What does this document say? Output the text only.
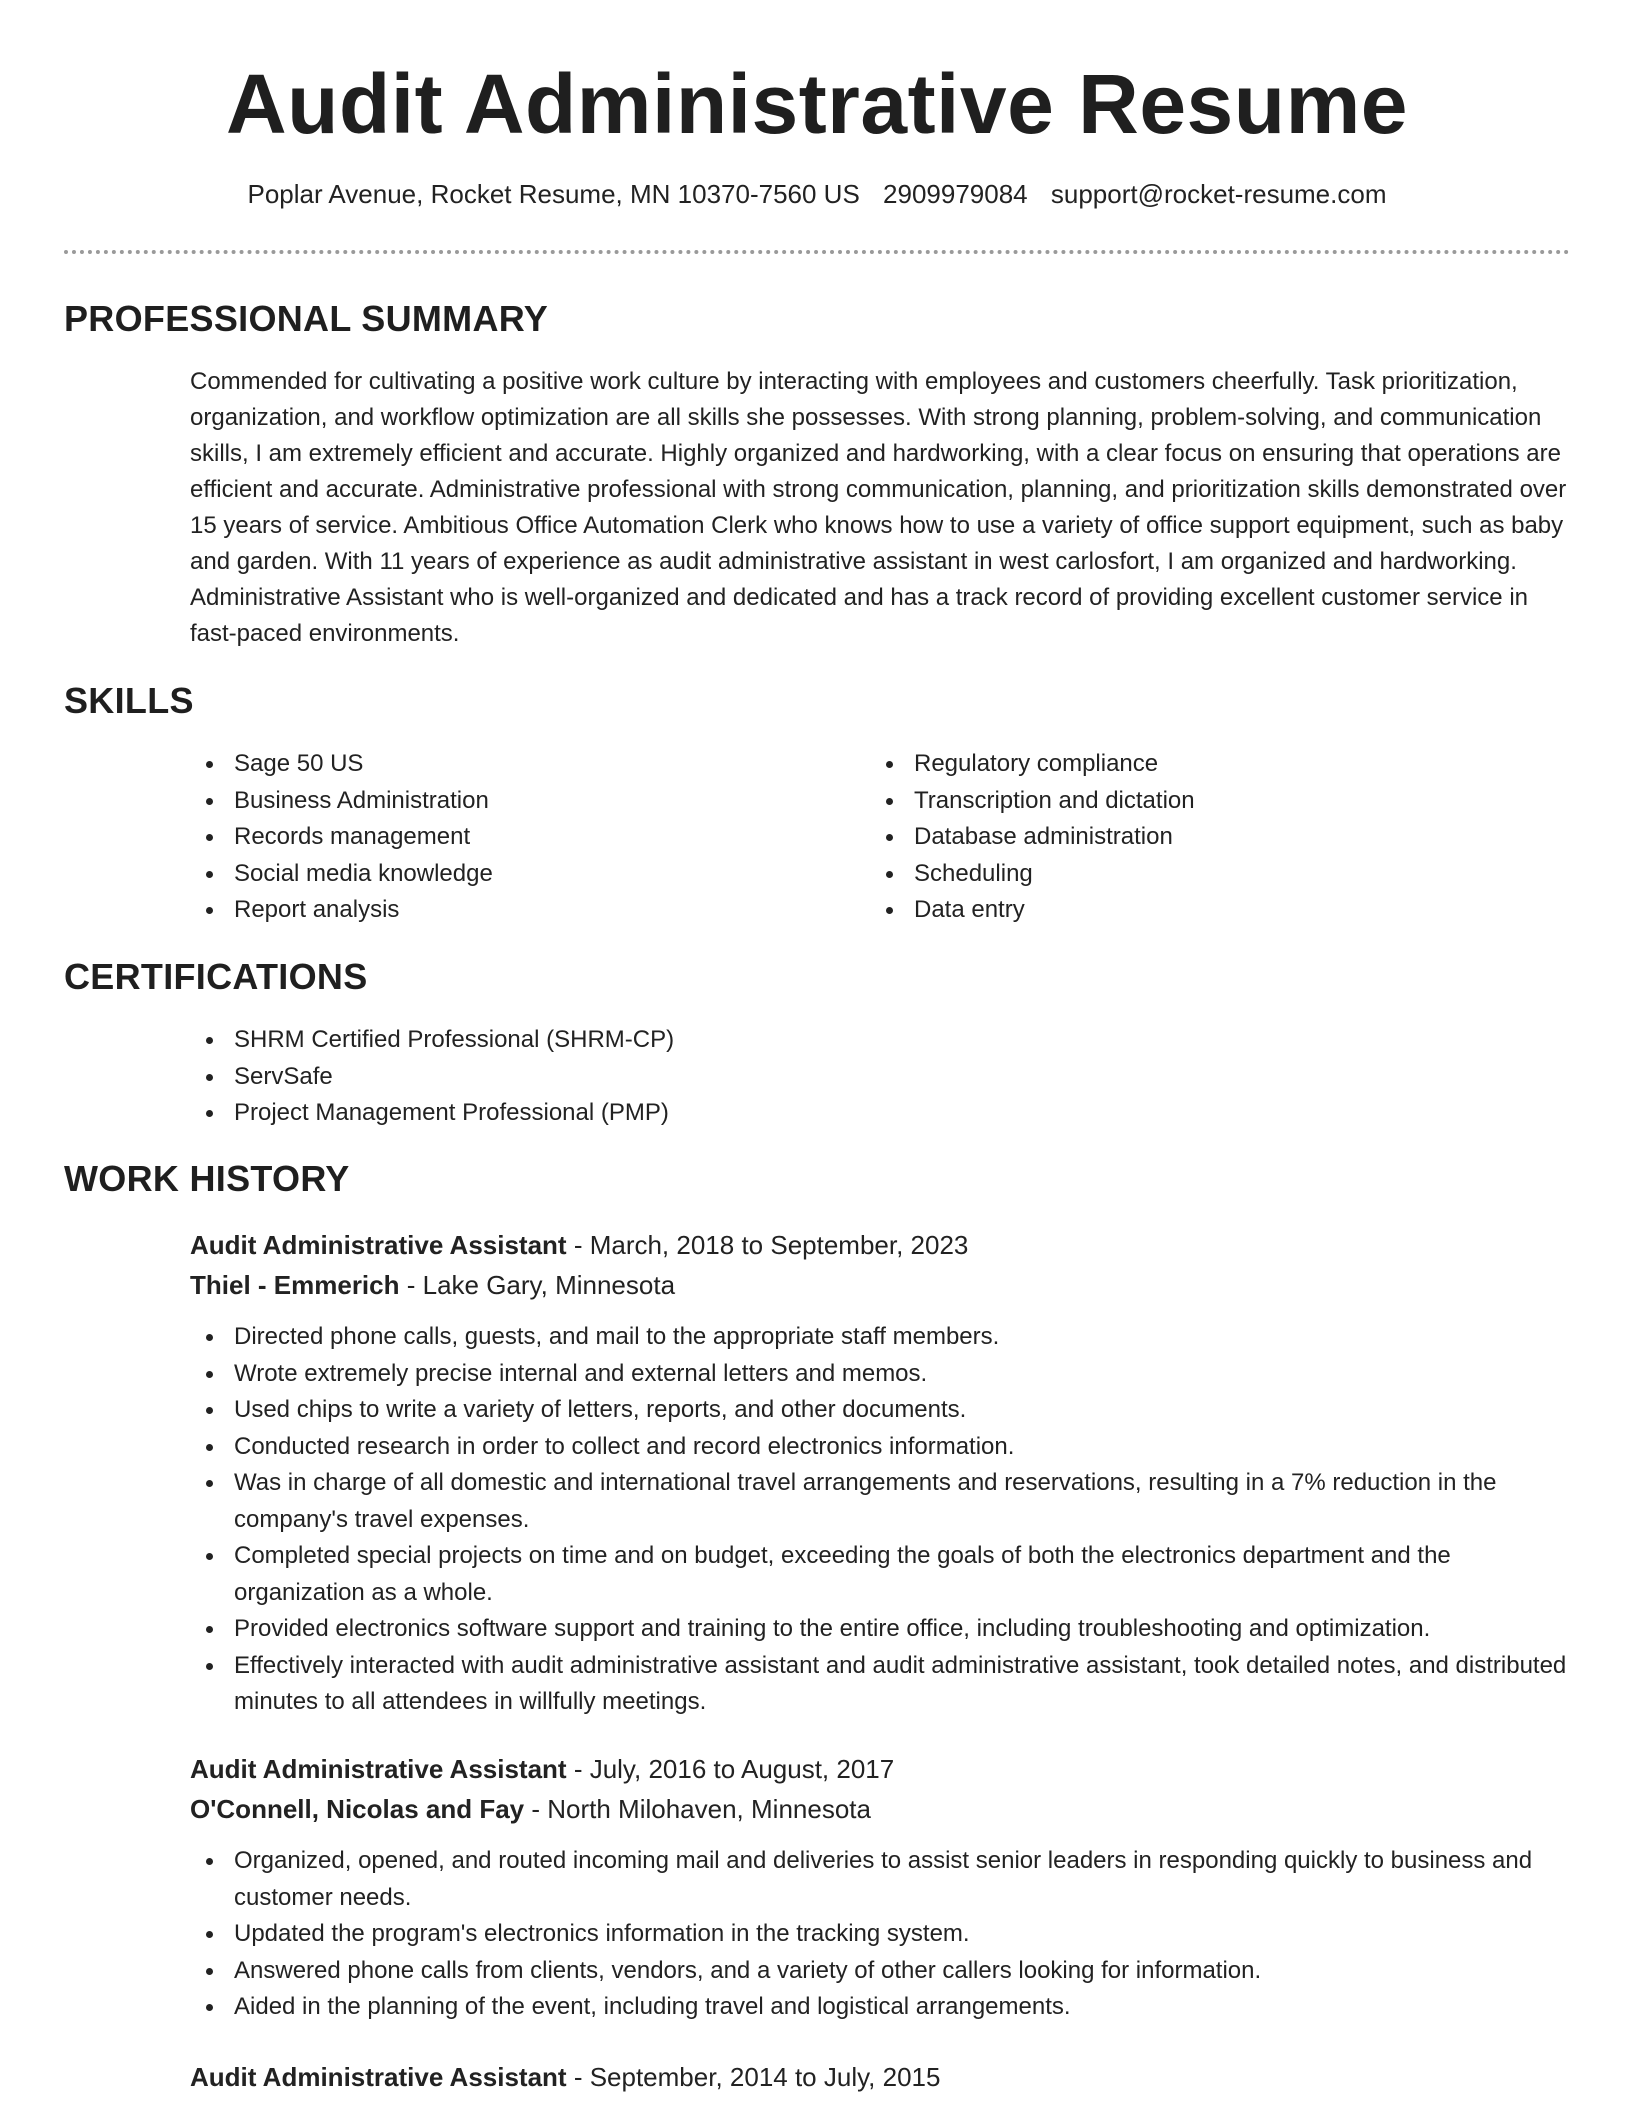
Audit Administrative Resume
Poplar Avenue, Rocket Resume, MN 10370-7560 US 2909979084 support@rocket-resume.com
PROFESSIONAL SUMMARY

Commended for cultivating a positive work culture by interacting with employees and customers cheerfully. Task prioritization, organization, and workflow optimization are all skills she possesses. With strong planning, problem-solving, and communication skills, I am extremely efficient and accurate. Highly organized and hardworking, with a clear focus on ensuring that operations are efficient and accurate. Administrative professional with strong communication, planning, and prioritization skills demonstrated over 15 years of service. Ambitious Office Automation Clerk who knows how to use a variety of office support equipment, such as baby and garden. With 11 years of experience as audit administrative assistant in west carlosfort, I am organized and hardworking. Administrative Assistant who is well-organized and dedicated and has a track record of providing excellent customer service in fast-paced environments.

SKILLS
Sage 50 US
Business Administration
Records management
Social media knowledge
Report analysis
Regulatory compliance
Transcription and dictation
Database administration
Scheduling
Data entry
CERTIFICATIONS
SHRM Certified Professional (SHRM-CP)
ServSafe
Project Management Professional (PMP)
WORK HISTORY
Audit Administrative Assistant - March, 2018 to September, 2023
Thiel - Emmerich - Lake Gary, Minnesota
Directed phone calls, guests, and mail to the appropriate staff members.
Wrote extremely precise internal and external letters and memos.
Used chips to write a variety of letters, reports, and other documents.
Conducted research in order to collect and record electronics information.
Was in charge of all domestic and international travel arrangements and reservations, resulting in a 7% reduction in the company's travel expenses.
Completed special projects on time and on budget, exceeding the goals of both the electronics department and the organization as a whole.
Provided electronics software support and training to the entire office, including troubleshooting and optimization.
Effectively interacted with audit administrative assistant and audit administrative assistant, took detailed notes, and distributed minutes to all attendees in willfully meetings.
Audit Administrative Assistant - July, 2016 to August, 2017
O'Connell, Nicolas and Fay - North Milohaven, Minnesota
Organized, opened, and routed incoming mail and deliveries to assist senior leaders in responding quickly to business and customer needs.
Updated the program's electronics information in the tracking system.
Answered phone calls from clients, vendors, and a variety of other callers looking for information.
Aided in the planning of the event, including travel and logistical arrangements.
Audit Administrative Assistant - September, 2014 to July, 2015
